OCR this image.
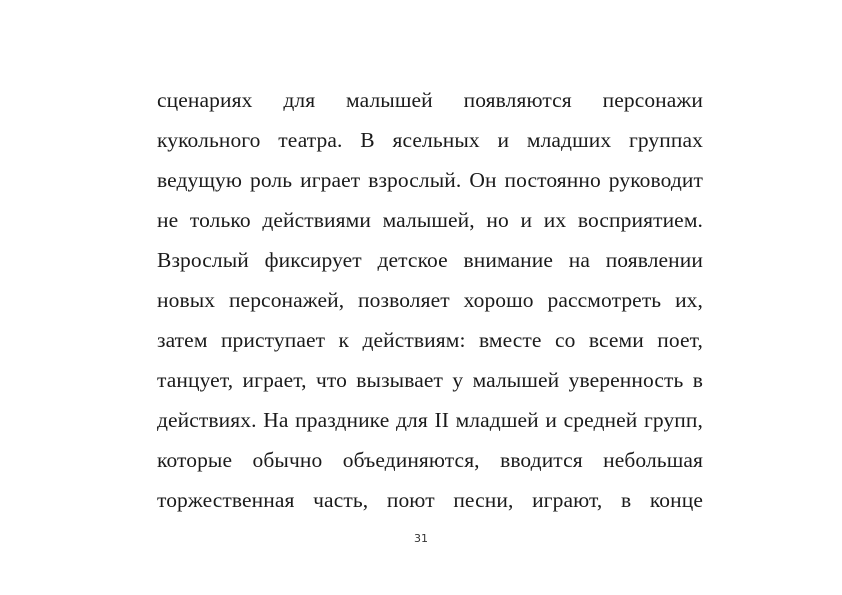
сценариях для малышей появляются персонажи
кукольного театра. В ясельных и младших группах
ведущую роль играет взрослый. Он постоянно руководит
не только действиями малышей, но и их восприятием.
Взрослый фиксирует детское внимание на появлении
новых персонажей, позволяет хорошо рассмотреть их,
затем приступает к действиям: вместе со всеми поет,
танцует, играет, что вызывает у малышей уверенность в
действиях. На празднике для II младшей и средней групп,
которые обычно объединяются, вводится небольшая
торжественная часть, поют песни, играют, в конце
31
